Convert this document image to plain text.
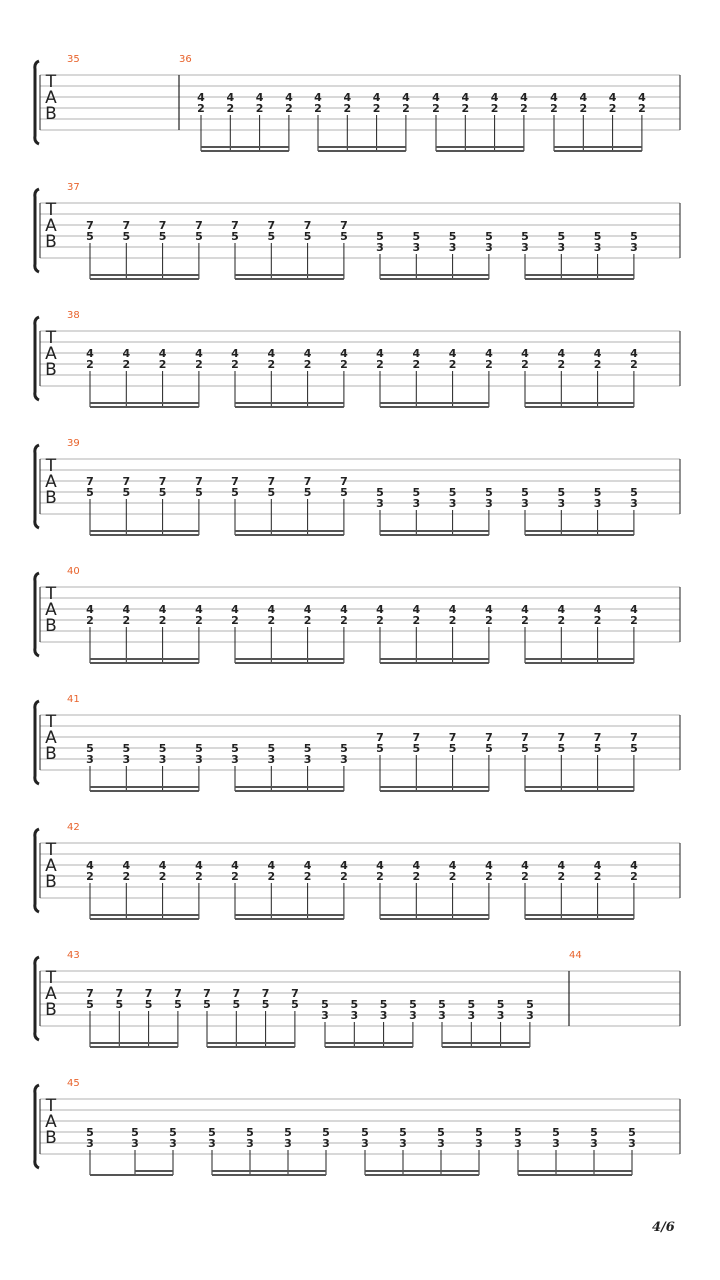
T
A
B
35	36
4
2
4
2
4
2
4
2
4
2
4
2
4
2
4
2
4
2
4
2
4
2
4
2
4
2
4
2
4
2
4
2
T
A
B
37
7
5
7
5
7
5
7
5
7
5
7
5
7
5
7
5	5
3
5
3
5
3
5
3
5
3
5
3
5
3
5
3
T
A
B
38
4
2
4
2
4
2
4
2
4
2
4
2
4
2
4
2
4
2
4
2
4
2
4
2
4
2
4
2
4
2
4
2
T
A
B
39
7
5
7
5
7
5
7
5
7
5
7
5
7
5
7
5	5
3
5
3
5
3
5
3
5
3
5
3
5
3
5
3
T
A
B
40
4
2
4
2
4
2
4
2
4
2
4
2
4
2
4
2
4
2
4
2
4
2
4
2
4
2
4
2
4
2
4
2
T
A
B
41
5
3
5
3
5
3
5
3
5
3
5
3
5
3
5
3
7
5
7
5
7
5
7
5
7
5
7
5
7
5
7
5
T
A
B
42
4
2
4
2
4
2
4
2
4
2
4
2
4
2
4
2
4
2
4
2
4
2
4
2
4
2
4
2
4
2
4
2
T
A
B
43
7
5
7
5
7
5
7
5
7
5
7
5
7
5
7
5 5
3
5
3
5
3
5
3
5
3
5
3
5
3
5
3
44
T
A
B
45
5
3
5
3
5
3
5
3
5
3
5
3
5
3
5
3
5
3
5
3
5
3
5
3
5
3
5
3
5
3
4/6
